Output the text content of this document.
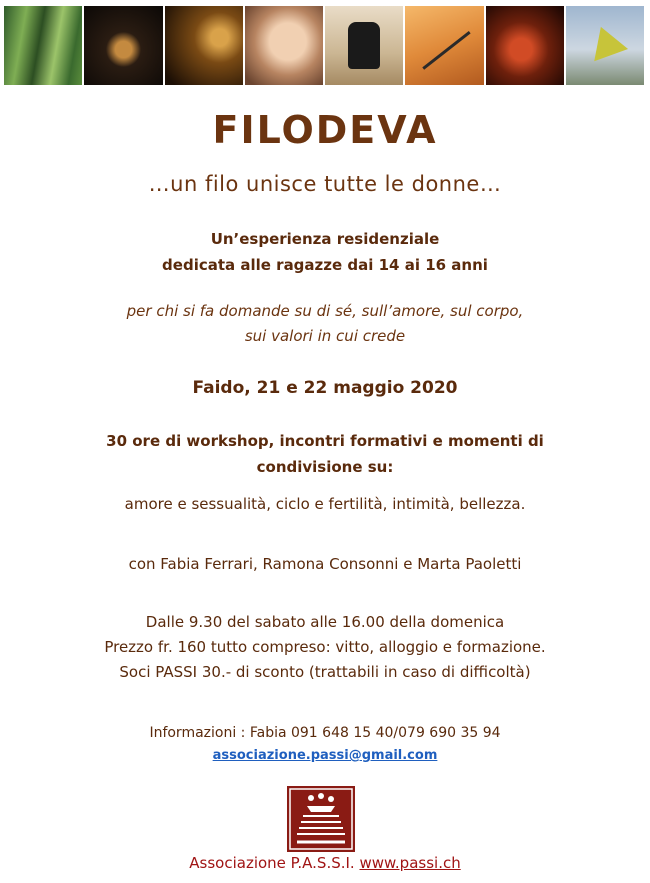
FILODEVA
…un filo unisce tutte le donne…
Un’esperienza residenziale
dedicata alle ragazze dai 14 ai 16 anni
per chi si fa domande su di sé, sull’amore, sul corpo,
sui valori in cui crede
Faido, 21 e 22 maggio 2020
30 ore di workshop, incontri formativi e momenti di
condivisione su:
amore e sessualità, ciclo e fertilità, intimità, bellezza.
con Fabia Ferrari, Ramona Consonni e Marta Paoletti
Dalle 9.30 del sabato alle 16.00 della domenica
Prezzo fr. 160 tutto compreso: vitto, alloggio e formazione.
Soci PASSI 30.- di sconto (trattabili in caso di difficoltà)
Informazioni : Fabia 091 648 15 40/079 690 35 94
associazione.passi@gmail.com
Associazione P.A.S.S.I. www.passi.ch
